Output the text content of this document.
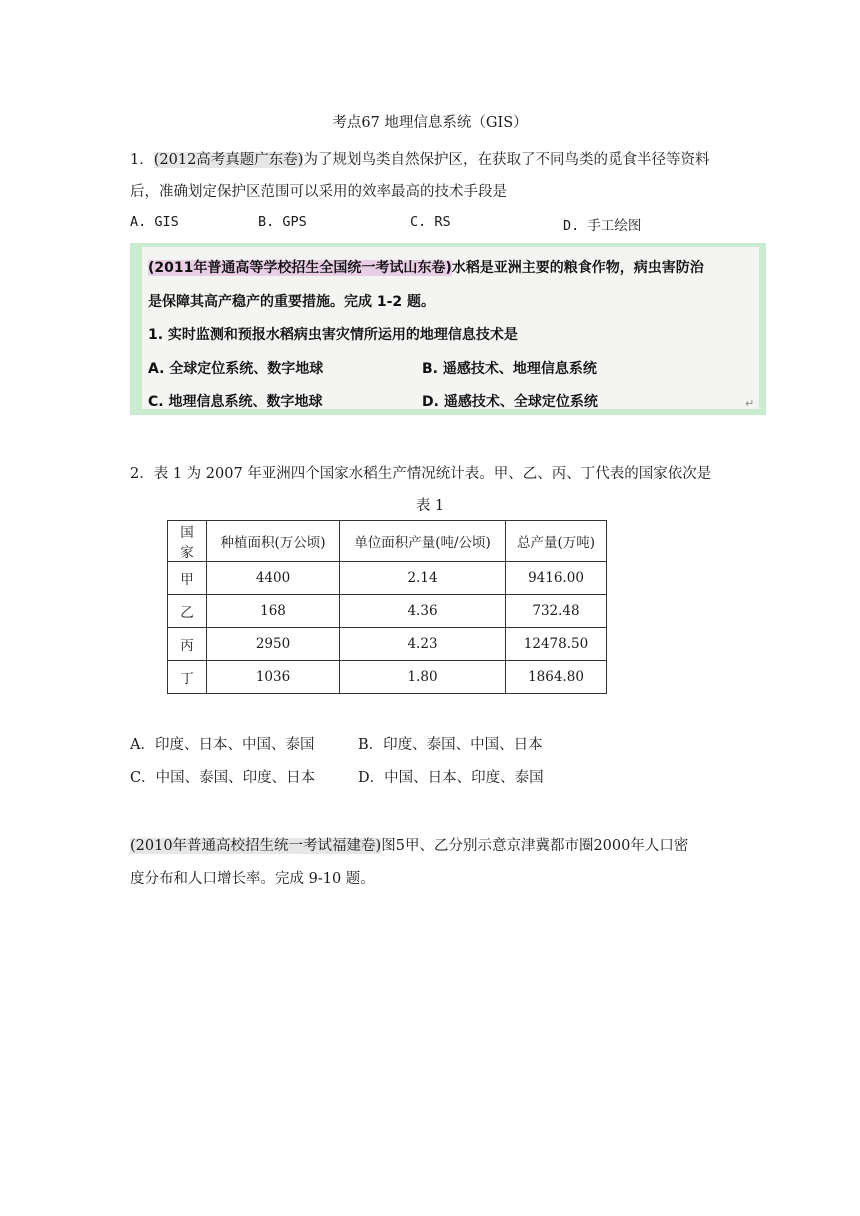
考点67 地理信息系统（GIS）
1．(2012高考真题广东卷)为了规划鸟类自然保护区，在获取了不同鸟类的觅食半径等资料
后，准确划定保护区范围可以采用的效率最高的技术手段是
A. GIS	B. GPS	C. RS	D. 手工绘图
(2011年普通高等学校招生全国统一考试山东卷)水稻是亚洲主要的粮食作物，病虫害防治
是保障其高产稳产的重要措施。完成 1-2 题。
1. 实时监测和预报水稻病虫害灾情所运用的地理信息技术是
A. 全球定位系统、数字地球	B. 遥感技术、地理信息系统
C. 地理信息系统、数字地球	D. 遥感技术、全球定位系统	↵
2．表 1 为 2007 年亚洲四个国家水稻生产情况统计表。甲、乙、丙、丁代表的国家依次是
表 1
国家	种植面积(万公顷)	单位面积产量(吨/公顷)	总产量(万吨)
甲	4400	2.14	9416.00
乙	168	4.36	732.48
丙	2950	4.23	12478.50
丁	1036	1.80	1864.80
A．印度、日本、中国、泰国	B．印度、泰国、中国、日本
C．中国、泰国、印度、日本	D．中国、日本、印度、泰国
(2010年普通高校招生统一考试福建卷)图5甲、乙分别示意京津冀都市圈2000年人口密
度分布和人口增长率。完成 9-10 题。
